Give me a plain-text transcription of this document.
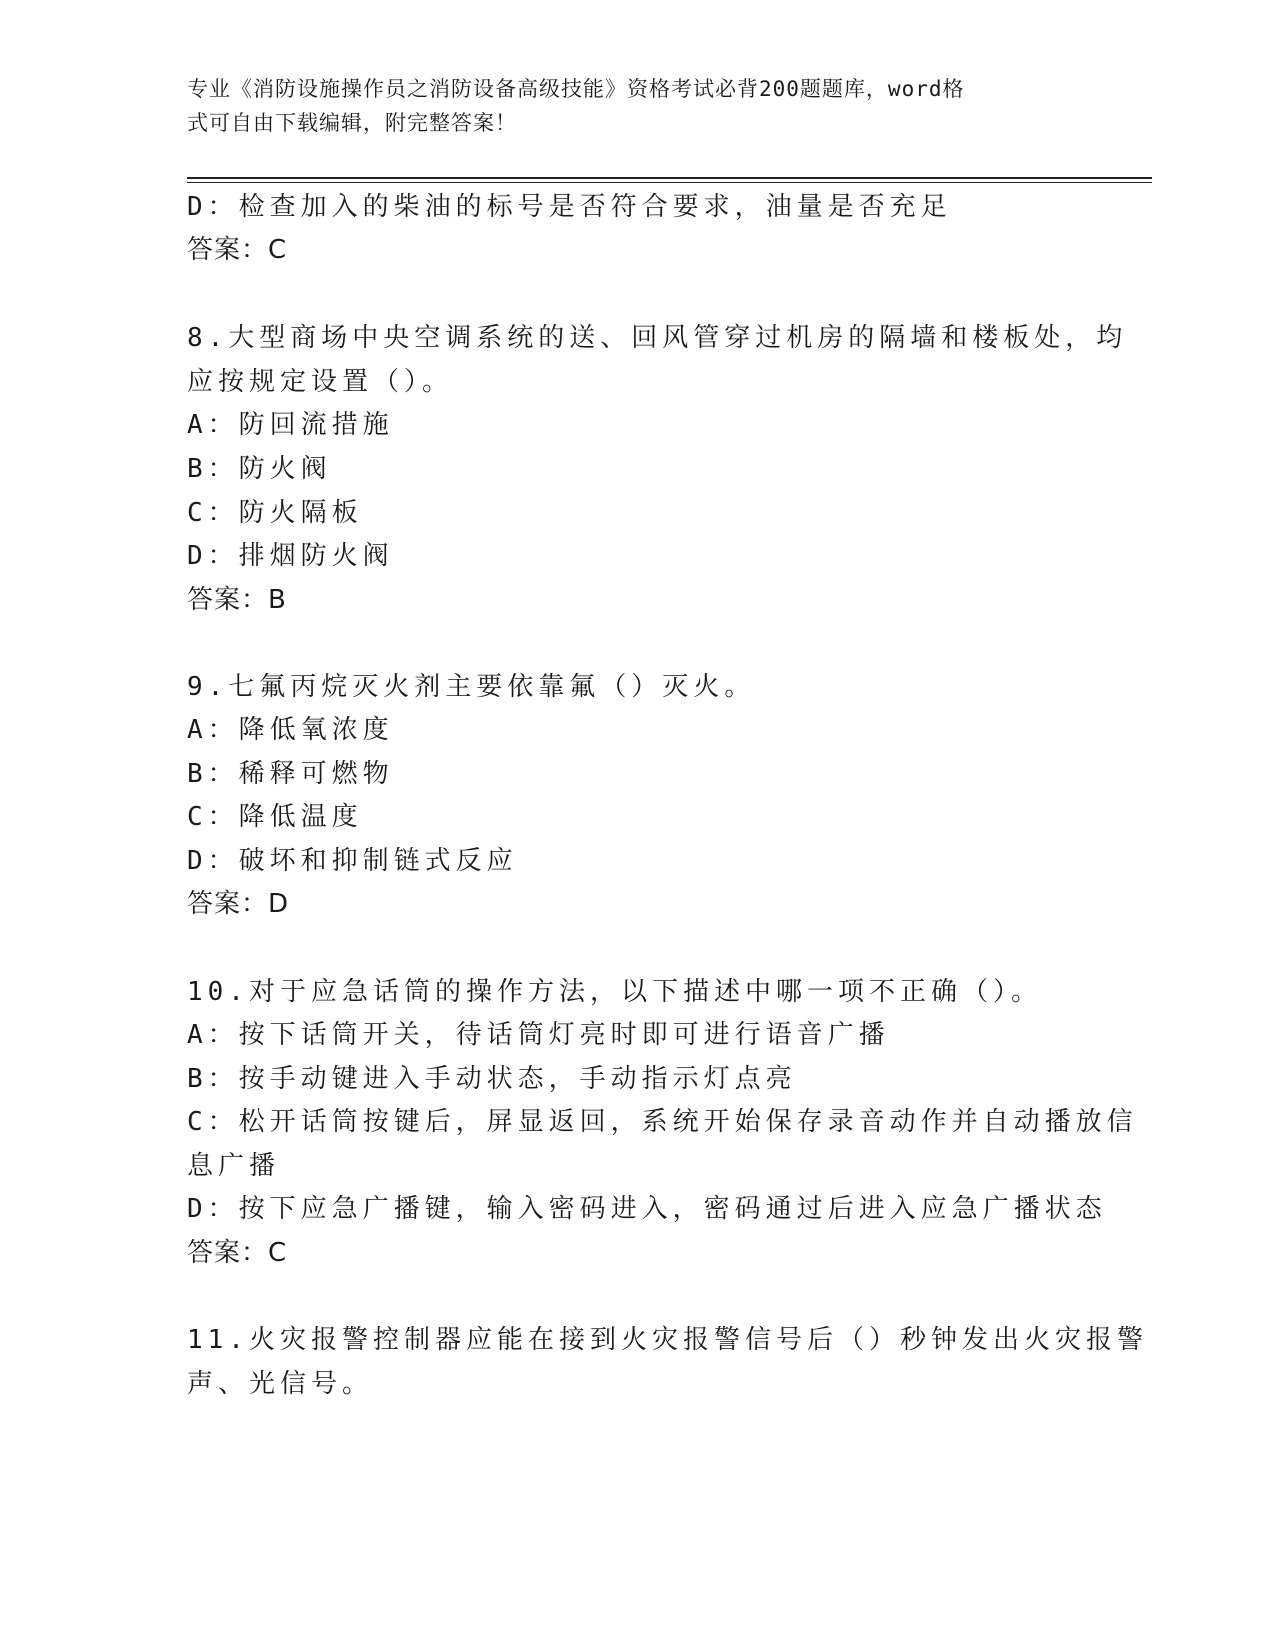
专业《消防设施操作员之消防设备高级技能》资格考试必背200题题库，word格
式可自由下载编辑，附完整答案！
D：检查加入的柴油的标号是否符合要求，油量是否充足
答案：C
8.大型商场中央空调系统的送、回风管穿过机房的隔墙和楼板处，均
应按规定设置（）。
A：防回流措施
B：防火阀
C：防火隔板
D：排烟防火阀
答案：B
9.七氟丙烷灭火剂主要依靠氟（）灭火。
A：降低氧浓度
B：稀释可燃物
C：降低温度
D：破坏和抑制链式反应
答案：D
10.对于应急话筒的操作方法，以下描述中哪一项不正确（）。
A：按下话筒开关，待话筒灯亮时即可进行语音广播
B：按手动键进入手动状态，手动指示灯点亮
C：松开话筒按键后，屏显返回，系统开始保存录音动作并自动播放信
息广播
D：按下应急广播键，输入密码进入，密码通过后进入应急广播状态
答案：C
11.火灾报警控制器应能在接到火灾报警信号后（）秒钟发出火灾报警
声、光信号。
